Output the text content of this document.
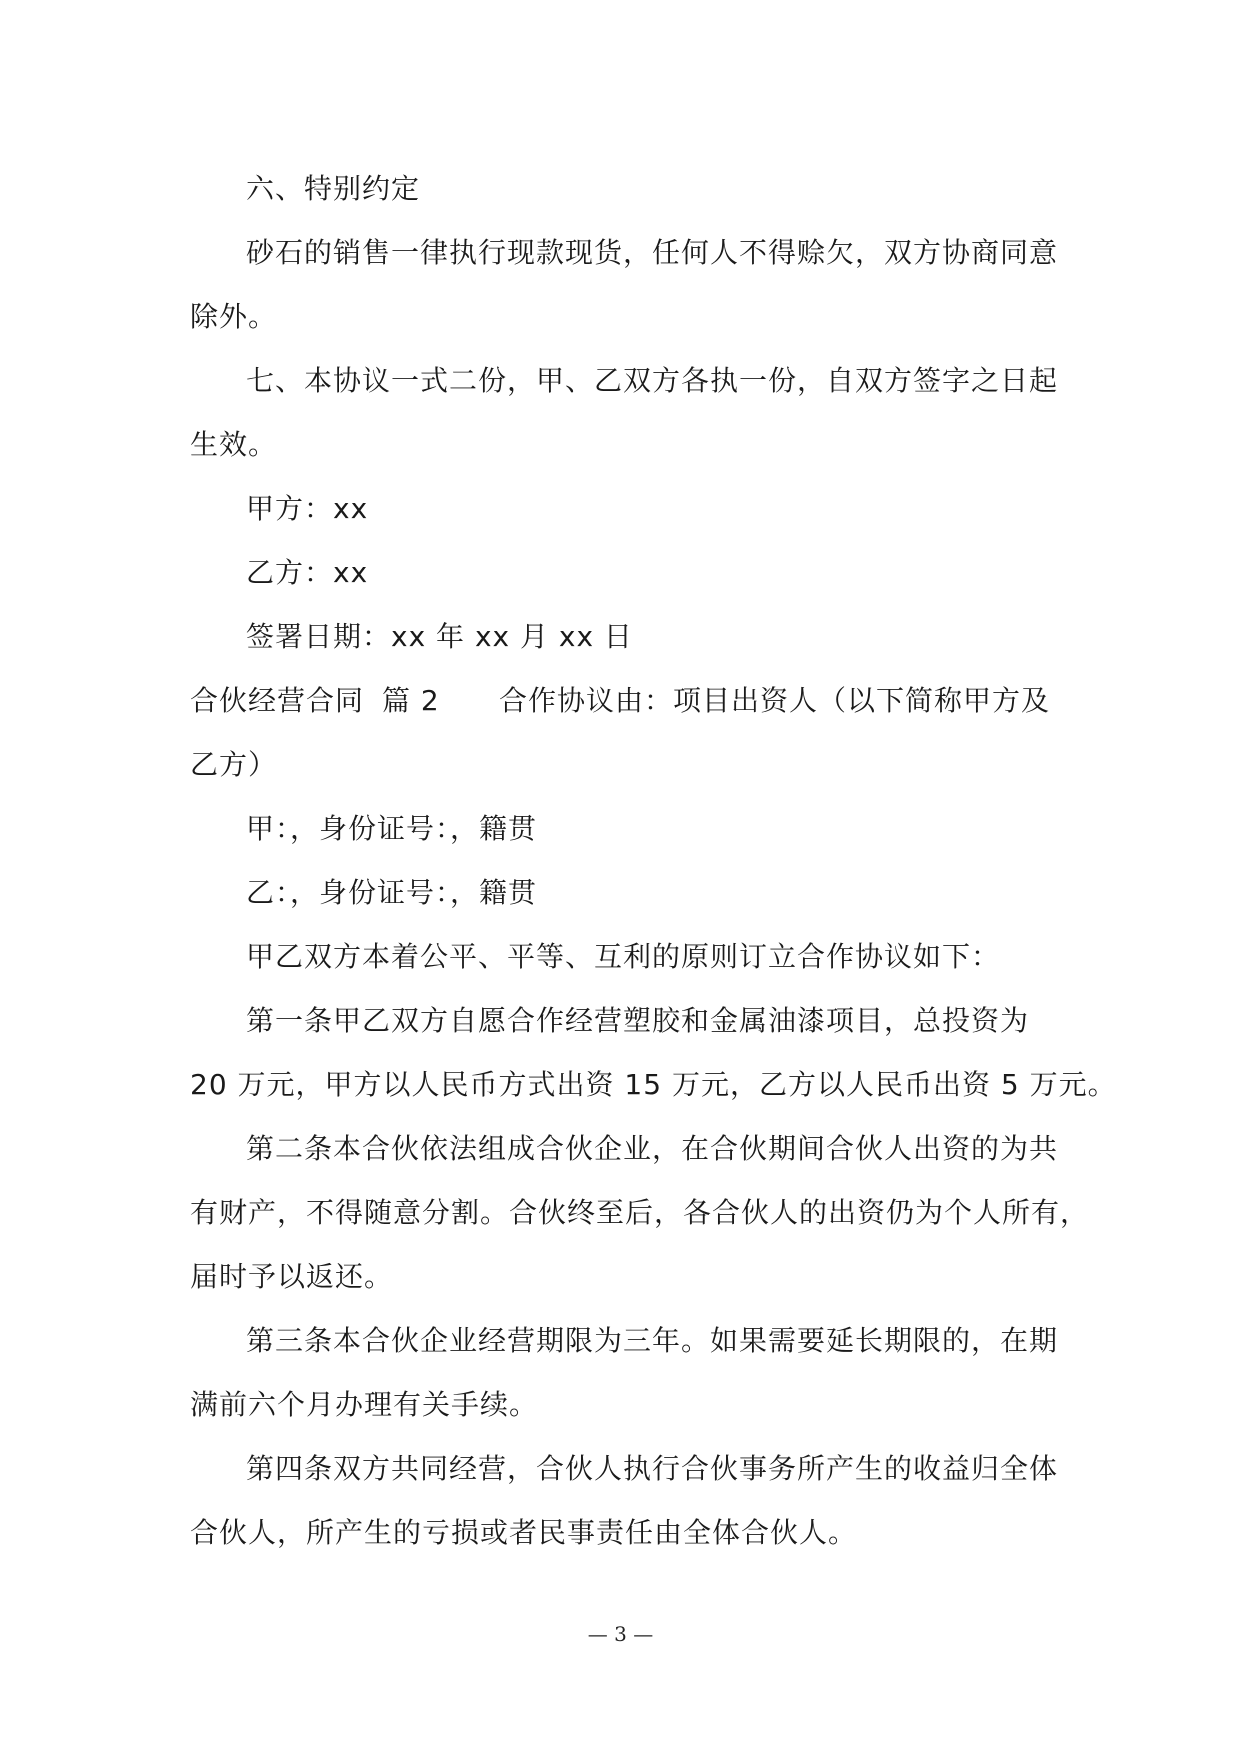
六、特别约定
砂石的销售一律执行现款现货，任何人不得赊欠，双方协商同意
除外。
七、本协议一式二份，甲、乙双方各执一份，自双方签字之日起
生效。
甲方：xx
乙方：xx
签署日期：xx 年 xx 月 xx 日
合伙经营合同 篇 2 合作协议由：项目出资人（以下简称甲方及
乙方）
甲：，身份证号：，籍贯
乙：，身份证号：，籍贯
甲乙双方本着公平、平等、互利的原则订立合作协议如下：
第一条甲乙双方自愿合作经营塑胶和金属油漆项目，总投资为
20 万元，甲方以人民币方式出资 15 万元，乙方以人民币出资 5 万元。
第二条本合伙依法组成合伙企业，在合伙期间合伙人出资的为共
有财产，不得随意分割。合伙终至后，各合伙人的出资仍为个人所有，
届时予以返还。
第三条本合伙企业经营期限为三年。如果需要延长期限的，在期
满前六个月办理有关手续。
第四条双方共同经营，合伙人执行合伙事务所产生的收益归全体
合伙人，所产生的亏损或者民事责任由全体合伙人。
— 3 —
